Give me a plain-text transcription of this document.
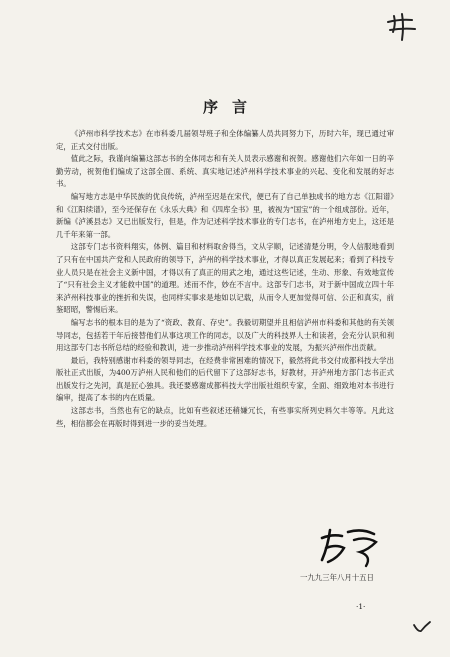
序言

《泸州市科学技术志》在市科委几届领导班子和全体编纂人员共同努力下，历时六年，现已通过审定，正式交付出版。

值此之际，我谨向编纂这部志书的全体同志和有关人员表示感谢和祝贺。感谢他们六年如一日的辛勤劳动，祝贺他们编成了这部全面、系统、真实地记述泸州科学技术事业的兴起、变化和发展的好志书。

编写地方志是中华民族的优良传统，泸州至迟是在宋代，便已有了自己单独成书的地方志《江阳谱》和《江阳续谱》，至今还保存在《永乐大典》和《四库全书》里，被视为“国宝”的一个组成部份。近年，新编《泸溪县志》又已出版发行，但是，作为记述科学技术事业的专门志书，在泸州地方史上，这还是几千年来第一部。

这部专门志书资料翔实，体例、篇目和材料取舍得当，文从字顺，记述清楚分明，令人信服地看到了只有在中国共产党和人民政府的领导下，泸州的科学技术事业，才得以真正发展起来；看到了科技专业人员只是在社会主义新中国，才得以有了真正的用武之地，通过这些记述，生动、形象、有效地宣传了“只有社会主义才能救中国”的道理。述而不作，妙在不言中。这部专门志书，对于新中国成立四十年来泸州科技事业的挫折和失误，也同样实事求是地如以记载，从而令人更加觉得可信、公正和真实，前鉴昭昭，警惕后来。

编写志书的根本目的是为了“资政、教育、存史”。我毅切期望并且相信泸州市科委和其他的有关领导同志，包括若干年后接替他们从事这项工作的同志，以及广大的科技界人士和读者，会充分认识和利用这部专门志书所总结的经验和教训，进一步推动泸州科学技术事业的发展，为振兴泸州作出贡献。

最后，我特别感谢市科委的领导同志，在经费非常困难的情况下，毅然将此书交付成都科技大学出版社正式出版，为400万泸州人民和他们的后代留下了这部好志书，好教材，开泸州地方部门志书正式出版发行之先河，真是匠心独具。我还要感谢成都科技大学出版社组织专家，全面、细致地对本书进行编审，提高了本书的内在质量。

这部志书，当然也有它的缺点，比如有些叙述还稍嫌冗长，有些事实所列史料欠丰等等。凡此这些，相信都会在再版时得到进一步的妥当处理。

一九九三年八月十五日
·1·
